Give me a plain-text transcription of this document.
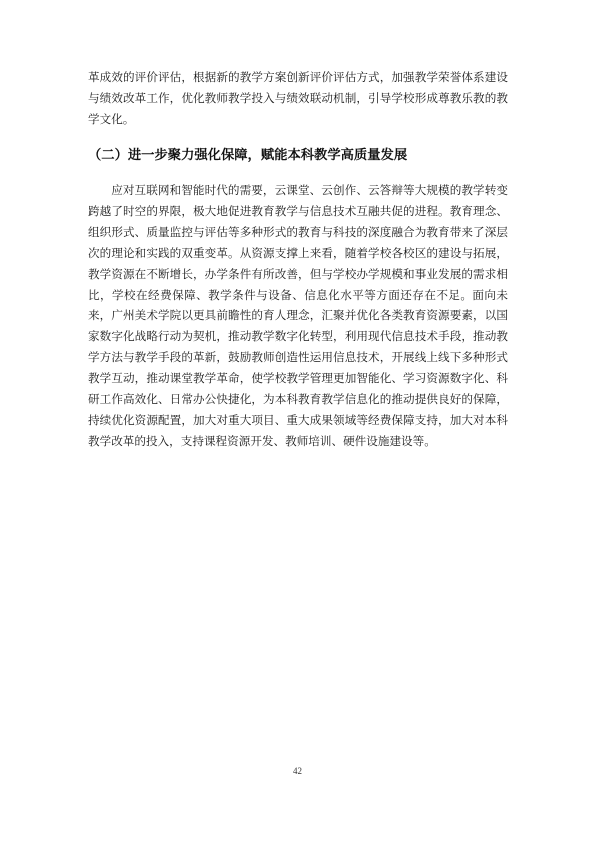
革成效的评价评估，根据新的教学方案创新评价评估方式，加强教学荣誉体系建设与绩效改革工作，优化教师教学投入与绩效联动机制，引导学校形成尊教乐教的教学文化。

（二）进一步聚力强化保障，赋能本科教学高质量发展

应对互联网和智能时代的需要，云课堂、云创作、云答辩等大规模的教学转变跨越了时空的界限，极大地促进教育教学与信息技术互融共促的进程。教育理念、组织形式、质量监控与评估等多种形式的教育与科技的深度融合为教育带来了深层次的理论和实践的双重变革。从资源支撑上来看，随着学校各校区的建设与拓展，教学资源在不断增长，办学条件有所改善，但与学校办学规模和事业发展的需求相比，学校在经费保障、教学条件与设备、信息化水平等方面还存在不足。面向未来，广州美术学院以更具前瞻性的育人理念，汇聚并优化各类教育资源要素，以国家数字化战略行动为契机，推动教学数字化转型，利用现代信息技术手段，推动教学方法与教学手段的革新，鼓励教师创造性运用信息技术，开展线上线下多种形式教学互动，推动课堂教学革命，使学校教学管理更加智能化、学习资源数字化、科研工作高效化、日常办公快捷化，为本科教育教学信息化的推动提供良好的保障，持续优化资源配置，加大对重大项目、重大成果领域等经费保障支持，加大对本科教学改革的投入，支持课程资源开发、教师培训、硬件设施建设等。

42
